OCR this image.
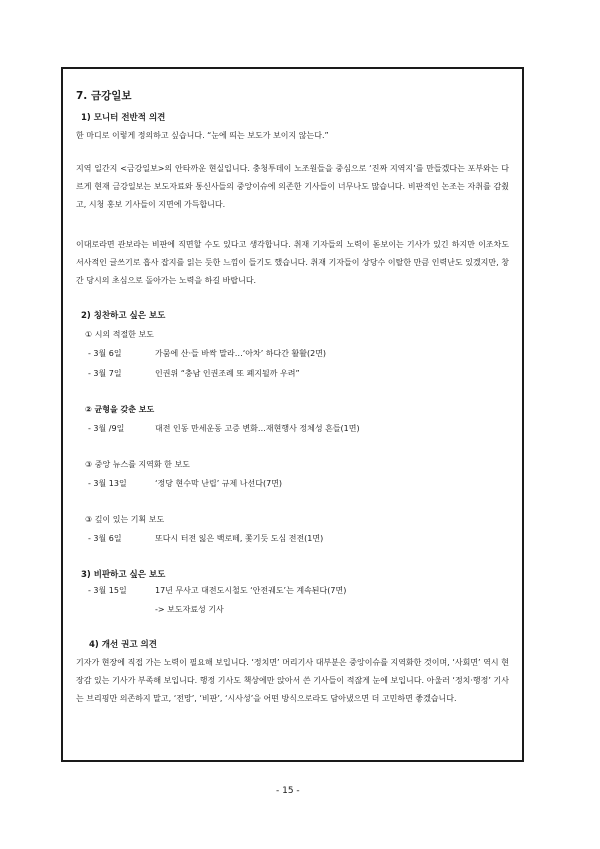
7. 금강일보
1) 모니터 전반적 의견
한 마디로 이렇게 정의하고 싶습니다. “눈에 띄는 보도가 보이지 않는다.”
지역 일간지 <금강일보>의 안타까운 현실입니다. 충청투데이 노조원들을 중심으로 ‘진짜 지역지’를 만들겠다는 포부와는 다르게 현재 금강일보는 보도자료와 통신사들의 중앙이슈에 의존한 기사들이 너무나도 많습니다. 비판적인 논조는 자취를 감췄고, 시청 홍보 기사들이 지면에 가득합니다.
이대로라면 관보라는 비판에 직면할 수도 있다고 생각합니다. 취재 기자들의 노력이 돋보이는 기사가 있긴 하지만 이조차도 서사적인 글쓰기로 흡사 잡지를 읽는 듯한 느낌이 들기도 했습니다. 취재 기자들이 상당수 이탈한 만큼 인력난도 있겠지만, 창간 당시의 초심으로 돌아가는 노력을 하길 바랍니다.
2) 칭찬하고 싶은 보도
① 시의 적절한 보도
- 3월 6일	가뭄에 산·들 바싹 말라…‘아차’ 하다간 활활(2면)
- 3월 7일	인권위 “충남 인권조례 또 폐지될까 우려”
② 균형을 갖춘 보도
- 3월 /9일	대전 인동 만세운동 고증 변화…재현행사 정체성 흔들(1면)
③ 중앙 뉴스를 지역화 한 보도
- 3월 13일	‘정당 현수막 난립’ 규제 나선다(7면)
③ 깊이 있는 기획 보도
- 3월 6일	또다시 터전 잃은 백로떼, 쫓기듯 도심 전전(1면)
3) 비판하고 싶은 보도
- 3월 15일	17년 무사고 대전도시철도 ‘안전궤도’는 계속된다(7면)
-> 보도자료성 기사
4) 개선 권고 의견
기자가 현장에 직접 가는 노력이 필요해 보입니다. ‘정치면’ 머리기사 대부분은 중앙이슈를 지역화한 것이며, ‘사회면’ 역시 현장감 있는 기사가 부족해 보입니다. 행정 기사도 책상에만 앉아서 쓴 기사들이 적잖게 눈에 보입니다. 아울러 ‘정치·행정’ 기사는 브리핑만 의존하지 말고, ‘전망’, ‘비판’, ‘시사성’을 어떤 방식으로라도 담아냈으면 더 고민하면 좋겠습니다.
- 15 -
